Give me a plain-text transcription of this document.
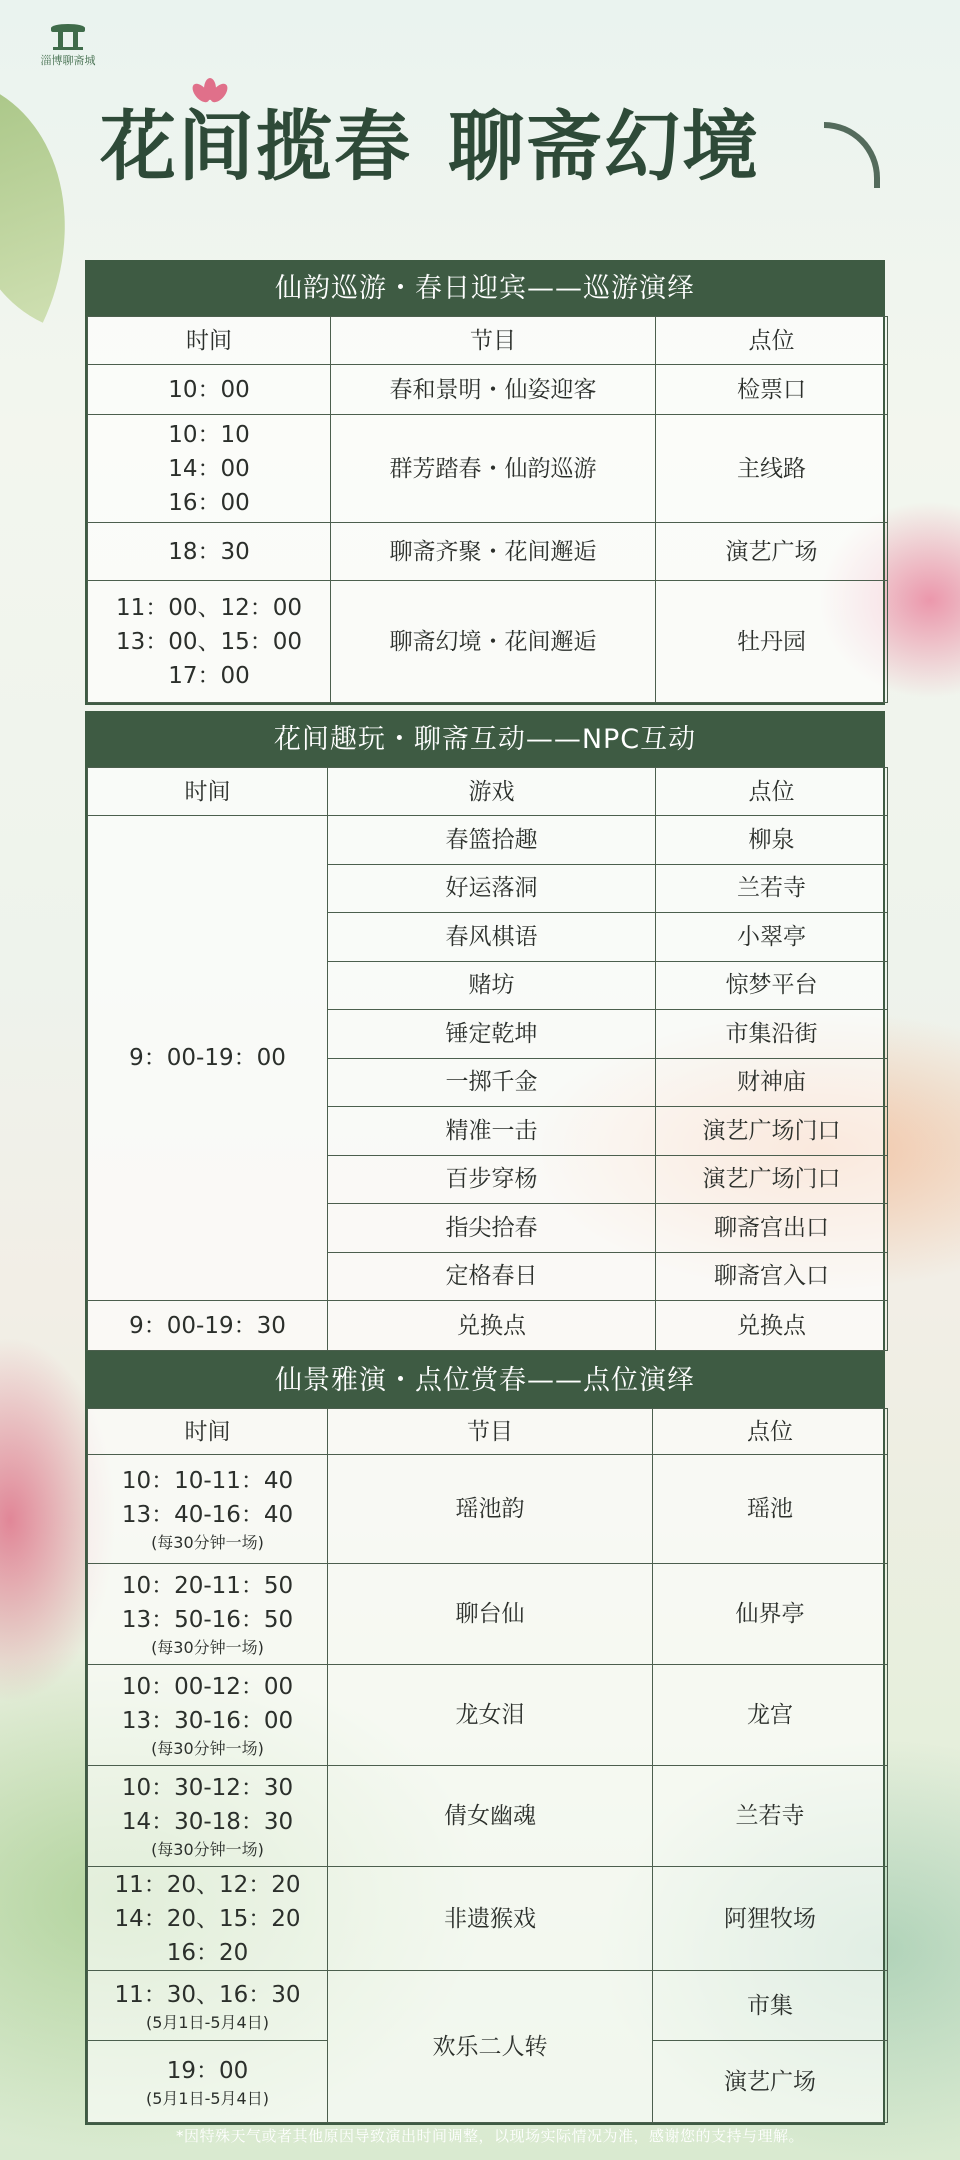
淄博聊斋城
花间揽春 聊斋幻境
仙韵巡游・春日迎宾——巡游演绎
时间	节目	点位

10：00	春和景明・仙姿迎客	检票口

10：10
14：00
16：00	群芳踏春・仙韵巡游	主线路

18：30	聊斋齐聚・花间邂逅	演艺广场

11：00、12：00
13：00、15：00
17：00	聊斋幻境・花间邂逅	牡丹园
花间趣玩・聊斋互动——NPC互动
时间	游戏	点位
9：00-19：00	春篮拾趣	柳泉
	好运落洞	兰若寺
	春风棋语	小翠亭
	赌坊	惊梦平台
	锤定乾坤	市集沿街
	一掷千金	财神庙
	精准一击	演艺广场门口
	百步穿杨	演艺广场门口
	指尖拾春	聊斋宫出口
	定格春日	聊斋宫入口
9：00-19：30	兑换点	兑换点
仙景雅演・点位赏春——点位演绎
时间	节目	点位

10：10-11：40
13：40-16：40
(每30分钟一场)	瑶池韵	瑶池

10：20-11：50
13：50-16：50
(每30分钟一场)	聊台仙	仙界亭

10：00-12：00
13：30-16：00
(每30分钟一场)	龙女泪	龙宫

10：30-12：30
14：30-18：30
(每30分钟一场)	倩女幽魂	兰若寺

11：20、12：20
14：20、15：20
16：20	非遗猴戏	阿狸牧场

11：30、16：30
(5月1日-5月4日)	欢乐二人转	市集

19：00
(5月1日-5月4日)		演艺广场
*因特殊天气或者其他原因导致演出时间调整，以现场实际情况为准，感谢您的支持与理解。
